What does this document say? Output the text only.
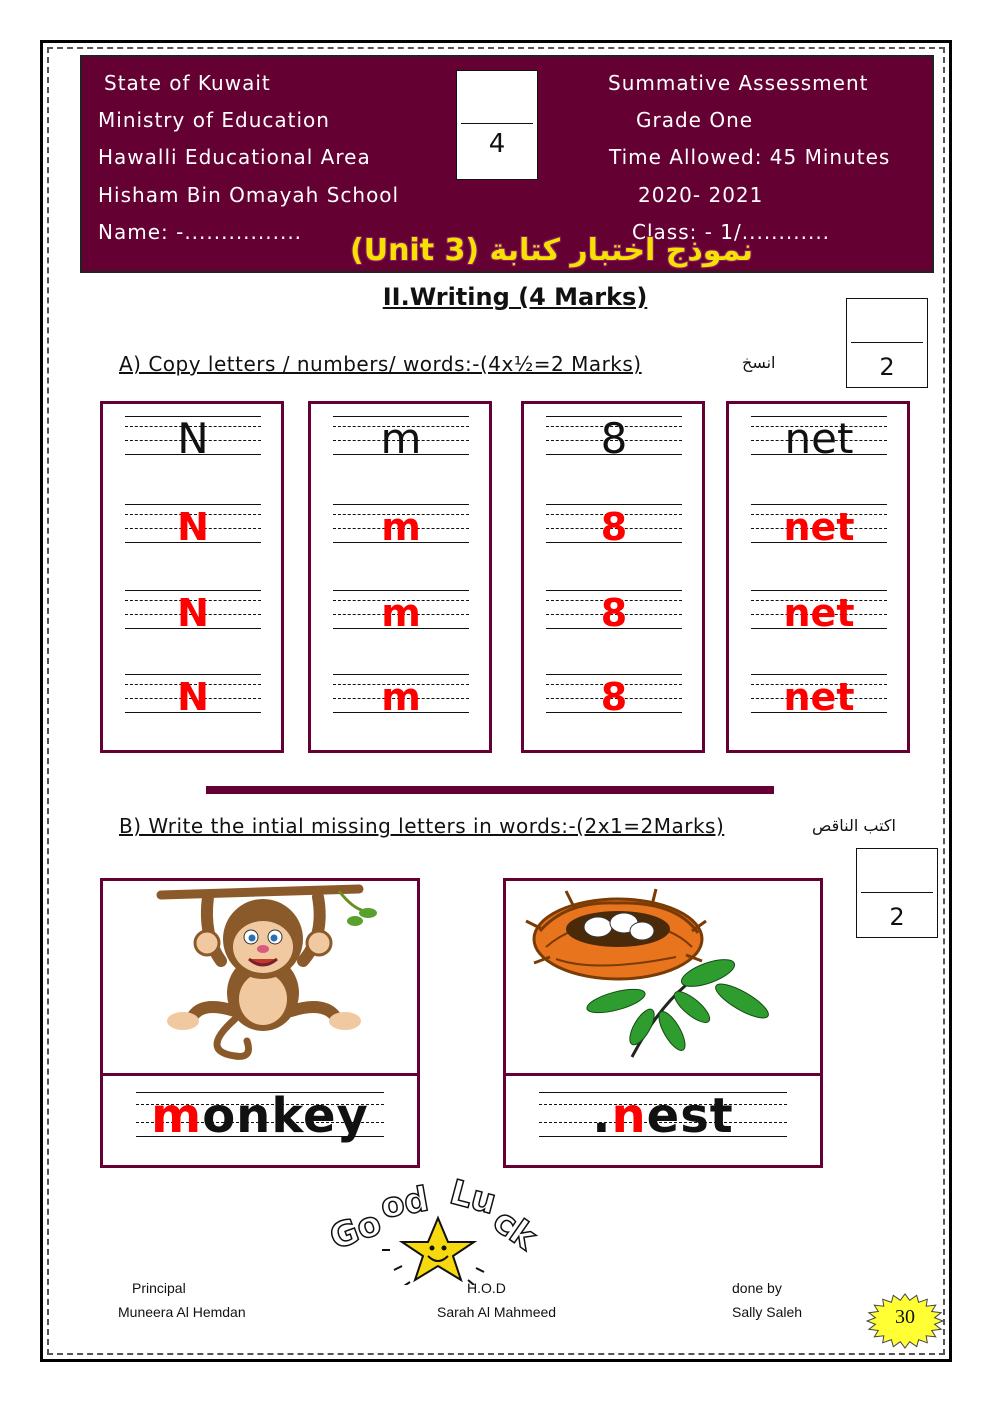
State of Kuwait
Ministry of Education
Hawalli Educational Area
Hisham Bin Omayah School
Name: -................
Summative Assessment
Grade One
Time Allowed: 45 Minutes
2020- 2021
Class: - 1/............
4
نموذج اختبار كتابة (Unit 3)
II.Writing (4 Marks)
2
A) Copy letters / numbers/ words:-(4x½=2 Marks)	انسخ
N
N
N
N
m
m
m
m
8
8
8
8
net
net
net
net
B) Write the intial missing letters in words:-(2x1=2Marks)	اكتب الناقص
2
monkey	.nest
Go
od Lu
ck
Principal
Muneera Al Hemdan
H.O.D
Sarah Al Mahmeed
done by
Sally Saleh	30
